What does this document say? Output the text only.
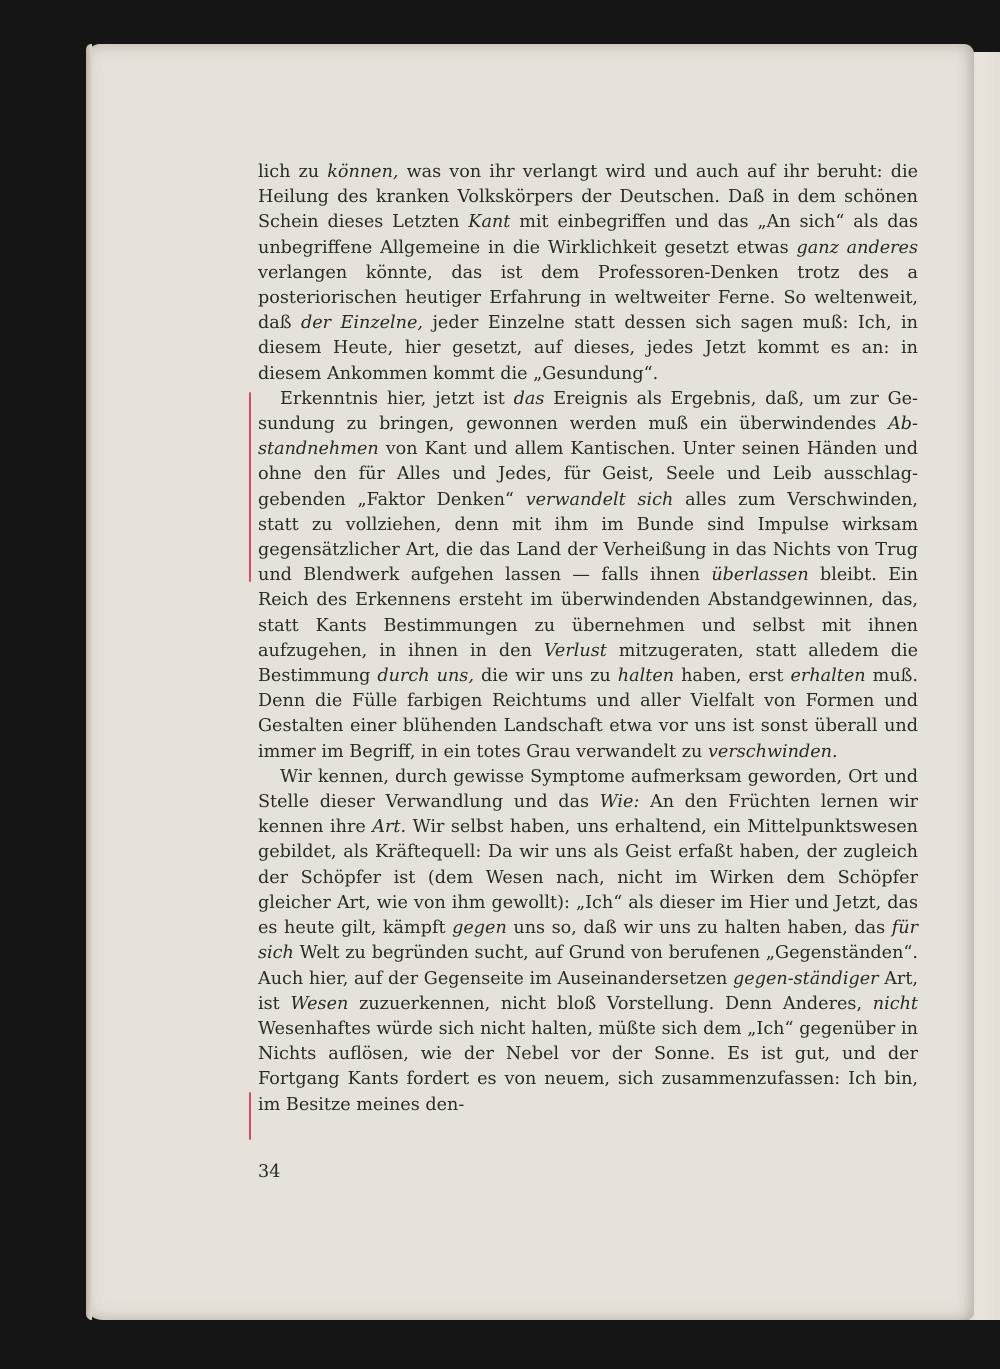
lich zu können, was von ihr verlangt wird und auch auf ihr beruht: die Heilung des kranken Volkskörpers der Deutschen. Daß in dem schönen Schein dieses Letzten Kant mit einbegriffen und das „An sich“ als das unbegriffene Allgemeine in die Wirklichkeit gesetzt etwas ganz anderes verlangen könnte, das ist dem Professoren-Denken trotz des a posteriorischen heutiger Erfahrung in weltweiter Ferne. So weltenweit, daß der Einzelne, jeder Einzelne statt dessen sich sagen muß: Ich, in diesem Heute, hier gesetzt, auf dieses, jedes Jetzt kommt es an: in diesem Ankommen kommt die „Gesundung“.

Erkenntnis hier, jetzt ist das Ereignis als Ergebnis, daß, um zur Gesundung zu bringen, gewonnen werden muß ein überwindendes Abstandnehmen von Kant und allem Kantischen. Unter seinen Händen und ohne den für Alles und Jedes, für Geist, Seele und Leib ausschlaggebenden „Faktor Denken“ verwandelt sich alles zum Verschwinden, statt zu vollziehen, denn mit ihm im Bunde sind Impulse wirksam gegensätzlicher Art, die das Land der Verheißung in das Nichts von Trug und Blendwerk aufgehen lassen — falls ihnen überlassen bleibt. Ein Reich des Erkennens ersteht im überwindenden Abstandgewinnen, das, statt Kants Bestimmungen zu übernehmen und selbst mit ihnen aufzugehen, in ihnen in den Verlust mitzugeraten, statt alledem die Bestimmung durch uns, die wir uns zu halten haben, erst erhalten muß. Denn die Fülle farbigen Reichtums und aller Vielfalt von Formen und Gestalten einer blühenden Landschaft etwa vor uns ist sonst überall und immer im Begriff, in ein totes Grau verwandelt zu verschwinden.

Wir kennen, durch gewisse Symptome aufmerksam geworden, Ort und Stelle dieser Verwandlung und das Wie: An den Früchten lernen wir kennen ihre Art. Wir selbst haben, uns erhaltend, ein Mittelpunktswesen gebildet, als Kräftequell: Da wir uns als Geist erfaßt haben, der zugleich der Schöpfer ist (dem Wesen nach, nicht im Wirken dem Schöpfer gleicher Art, wie von ihm gewollt): „Ich“ als dieser im Hier und Jetzt, das es heute gilt, kämpft gegen uns so, daß wir uns zu halten haben, das für sich Welt zu begründen sucht, auf Grund von berufenen „Gegenständen“. Auch hier, auf der Gegenseite im Auseinandersetzen gegen-ständiger Art, ist Wesen zuzuerkennen, nicht bloß Vorstellung. Denn Anderes, nicht Wesenhaftes würde sich nicht halten, müßte sich dem „Ich“ gegenüber in Nichts auflösen, wie der Nebel vor der Sonne. Es ist gut, und der Fortgang Kants fordert es von neuem, sich zusammenzufassen: Ich bin, im Besitze meines den-

34
